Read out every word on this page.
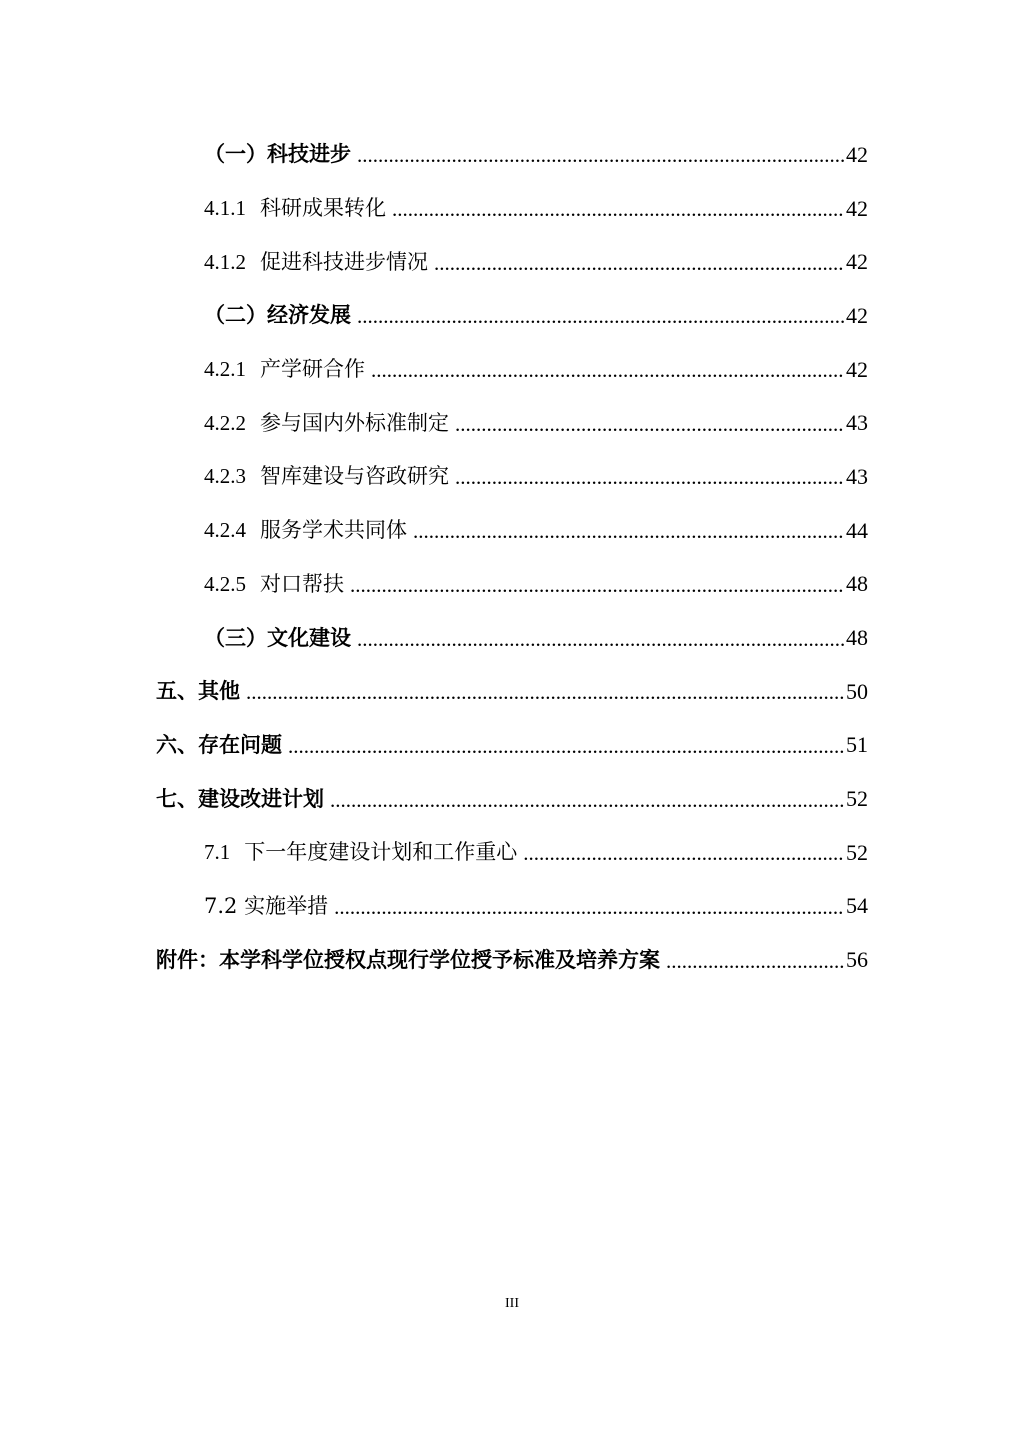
（一）科技进步 .....	42
4.1.1 科研成果转化 .....	42
4.1.2 促进科技进步情况 .....	42
（二）经济发展 .....	42
4.2.1 产学研合作 .....	42
4.2.2 参与国内外标准制定 .....	43
4.2.3 智库建设与咨政研究 .....	43
4.2.4 服务学术共同体 .....	44
4.2.5 对口帮扶 .....	48
（三）文化建设 .....	48
五、其他 .....	50
六、存在问题 .....	51
七、建设改进计划 .....	52
7.1 下一年度建设计划和工作重心 .....	52
7.2 实施举措 .....	54
附件：本学科学位授权点现行学位授予标准及培养方案 .....	56
III
